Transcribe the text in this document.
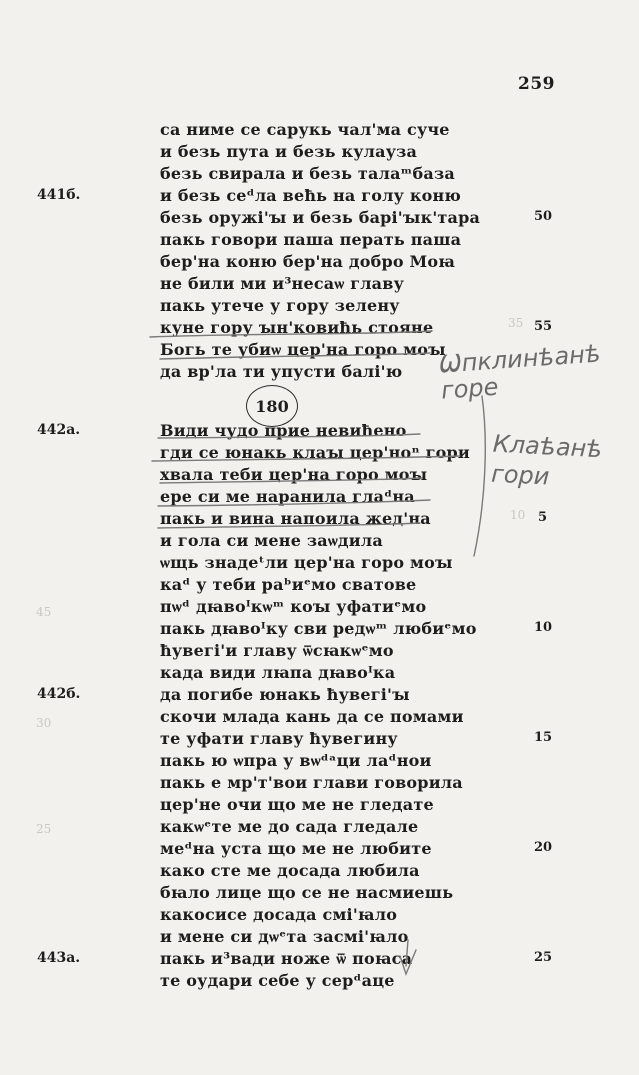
259
35
10
45
30
25
са ниме се сарукь чал'ма суче
и безь пута и безь кулауза
безь свирала и безь талаᵐбаза
и безь сеᵈла веħь на голу коню
безь оружі'ꙑ и безь барі'ꙑк'тара
пакь говори паша перать паша
бер'на коню бер'на добро Моꙗ
не били ми и³несаѡ главу
пакь утече у гору зелену
куне гору ꙑн'ковиħь стоянe
Богь те убиѡ цер'на горо моꙑ
да вр'ла ти упусти балі'ю
180
Види чудо прие невиħено
гди се юнакь клаꙑ цер'ноⁿ гори
хвала теби цер'на горо моꙑ
ере си ме наранила глаᵈна
пакь и вина напоила жед'на
и гола си мене заѡдила
ѡщь знадеᵗли цер'на горо моꙑ
каᵈ у теби раᵇиᵉмо сватове
пѡᵈ дꙗвоᴵкѡᵐ коꙑ уфатиᵉмо
пакь дꙗвоᴵку сви редѡᵐ любиᵉмо
ħувегі'и главу ѿсꙗкѡᵉмо
када види лꙗпа дꙗвоᴵка
да погибе юнакь ħувегі'ꙑ
скочи млада кань да се помами
те уфати главу ħувегину
пакь ю ѡпра у вѡᵈᵃци лаᵈнои
пакь е мр'т'вои глави говорила
цер'не очи що ме не гледате
какѡᵉте ме до сада гледале
меᵈна уста що ме не любите
како сте ме досада любила
бꙗло лице що се не насмиешь
какосисе досада смі'ꙗло
и мене си дѡᵉта засмі'ꙗло
пакь и³вади ноже ѿ поꙗса
те оудари себе у серᵈаце
441б.
442а.
442б.
443а.
50
55
5
10
15
20
25
Ѡпклинѣанѣ горе
Клаѣанѣ гори
